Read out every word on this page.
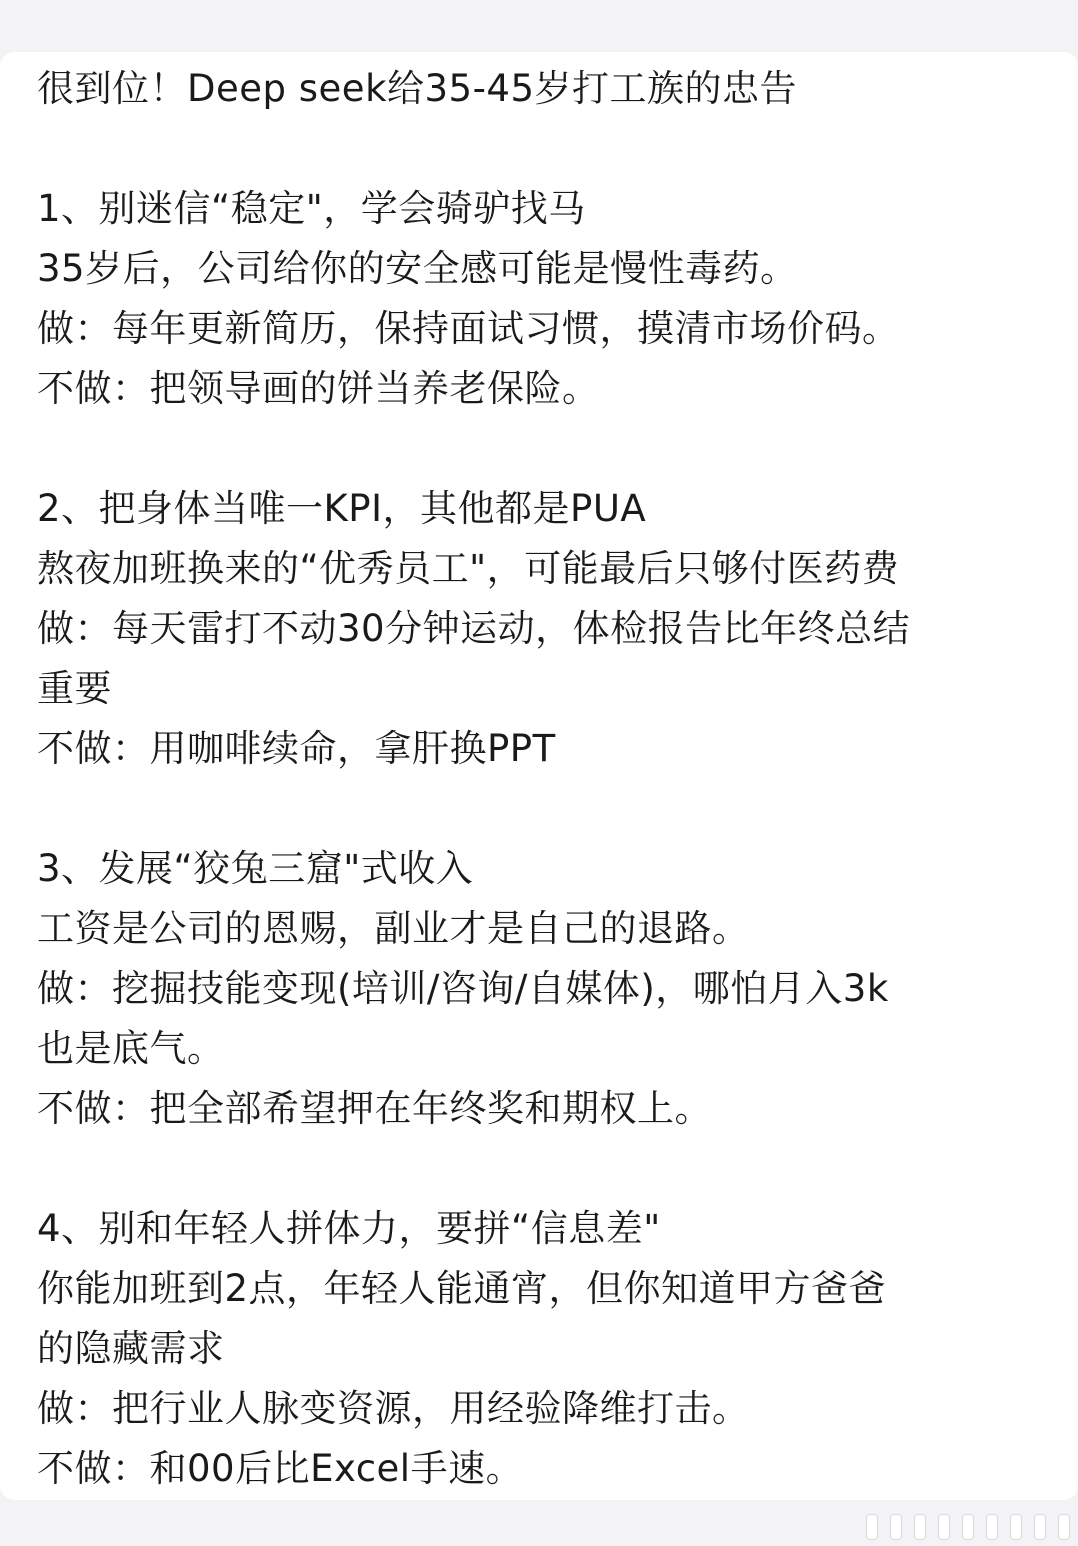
很到位！Deep seek给35-45岁打工族的忠告
1、别迷信“稳定"，学会骑驴找马
35岁后，公司给你的安全感可能是慢性毒药。
做：每年更新简历，保持面试习惯，摸清市场价码。
不做：把领导画的饼当养老保险。
2、把身体当唯一KPI，其他都是PUA
熬夜加班换来的“优秀员工"，可能最后只够付医药费
做：每天雷打不动30分钟运动，体检报告比年终总结
重要
不做：用咖啡续命，拿肝换PPT
3、发展“狡兔三窟"式收入
工资是公司的恩赐，副业才是自己的退路。
做：挖掘技能变现(培训/咨询/自媒体)，哪怕月入3k
也是底气。
不做：把全部希望押在年终奖和期权上。
4、别和年轻人拼体力，要拼“信息差"
你能加班到2点，年轻人能通宵，但你知道甲方爸爸
的隐藏需求
做：把行业人脉变资源，用经验降维打击。
不做：和00后比Excel手速。
